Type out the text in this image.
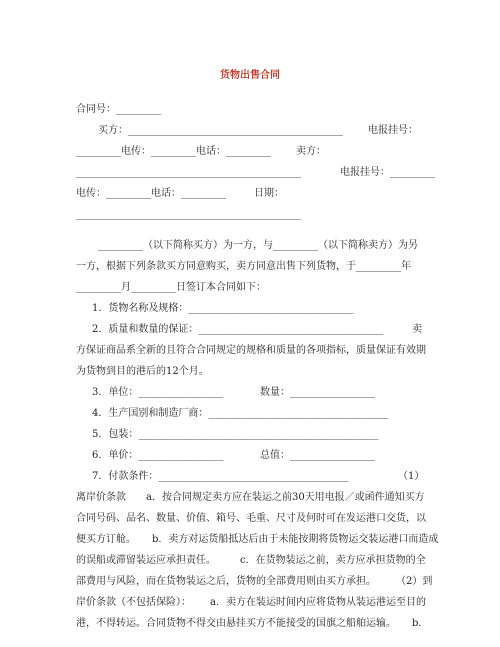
货物出售合同
合同号：_________
买方：___________________________________________	电报挂号：
_________电传：_________电话：_________	卖方：
_____________________________________________	电报挂号：_________
电传：_________电话：_________	日期：
_____________________________________________
_________（以下简称买方）为一方，与_________（以下简称卖方）为另
一方，根据下列条款买方同意购买，卖方同意出售下列货物，于_________年
_________月_________日签订本合同如下：
1．货物名称及规格：_________________________________
2．质量和数量的保证：_____________________________________	卖
方保证商品系全新的且符合合同规定的规格和质量的各项指标，质量保证有效期
为货物到目的港后的12个月。
3．单位：_________________	数量：_________________
4．生产国别和制造厂商：____________________________________
5．包装：________________________________________________
6．单价：_________________	总值：_________________
7．付款条件：______________________________________	（1）
离岸价条款 a．按合同规定卖方应在装运之前30天用电报／或函件通知买方
合同号码、品名、数量、价值、箱号、毛重、尺寸及何时可在发运港口交货，以
便买方订舱。 b．卖方对运货船抵达后由于未能按期将货物运交装运港口而造成
的误船或滞留装运应承担责任。 c．在货物装运之前，卖方应承担货物的全
部费用与风险，而在货物装运之后，货物的全部费用则由买方承担。 （2）到
岸价条款（不包括保险）： a．卖方在装运时间内应将货物从装运港运至目的
港，不得转运。合同货物不得交由悬挂买方不能接受的国旗之船舶运输。 b．
